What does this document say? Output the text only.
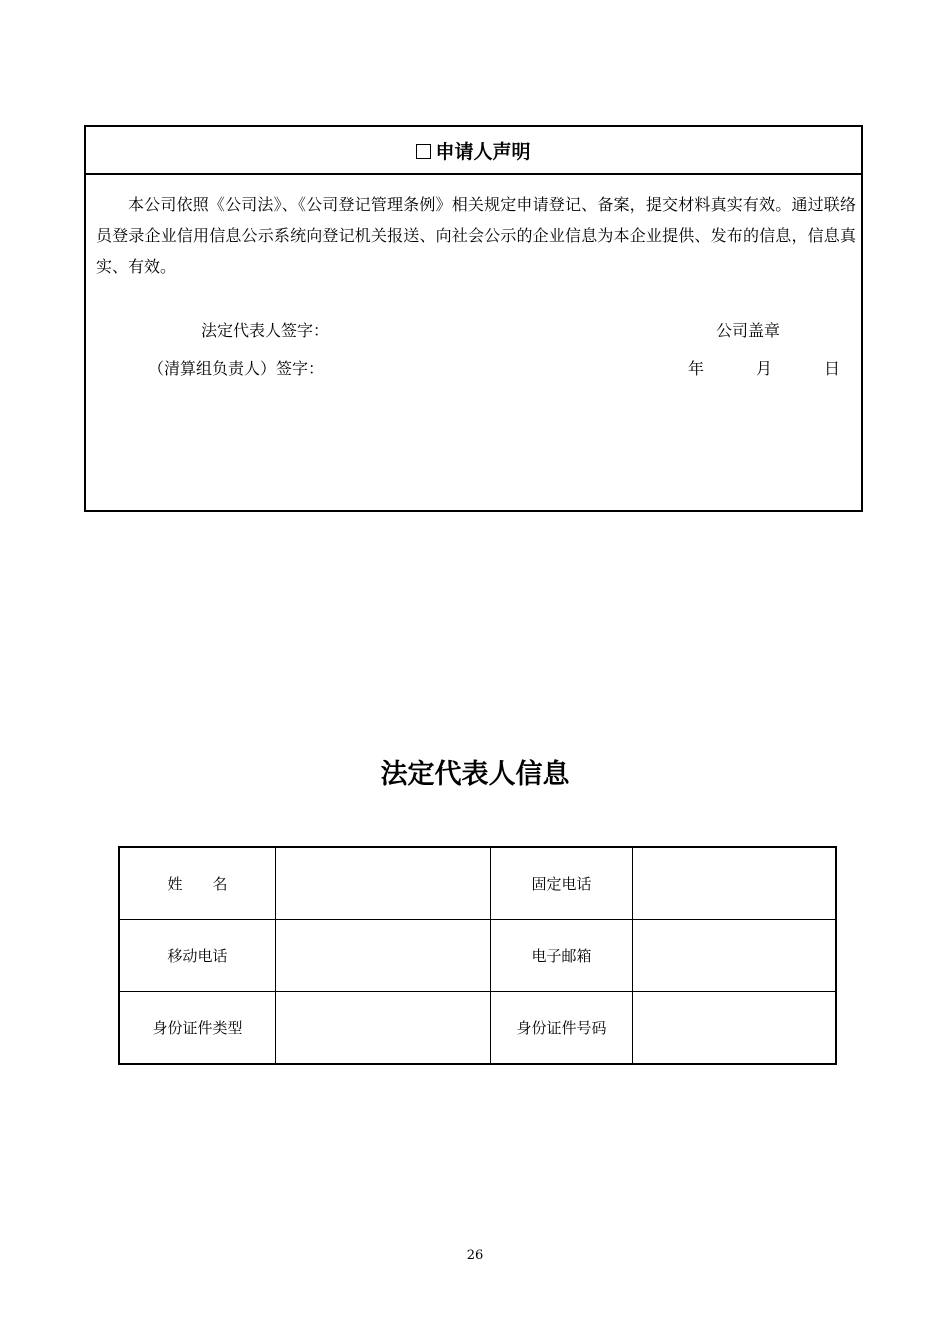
申请人声明

本公司依照《公司法》、《公司登记管理条例》相关规定申请登记、备案，提交材料真实有效。通过联络员登录企业信用信息公示系统向登记机关报送、向社会公示的企业信息为本企业提供、发布的信息，信息真实、有效。

法定代表人签字：
（清算组负责人）签字：
公司盖章
年	月	日
法定代表人信息
姓　　名		固定电话	
移动电话		电子邮箱	
身份证件类型		身份证件号码	
26
